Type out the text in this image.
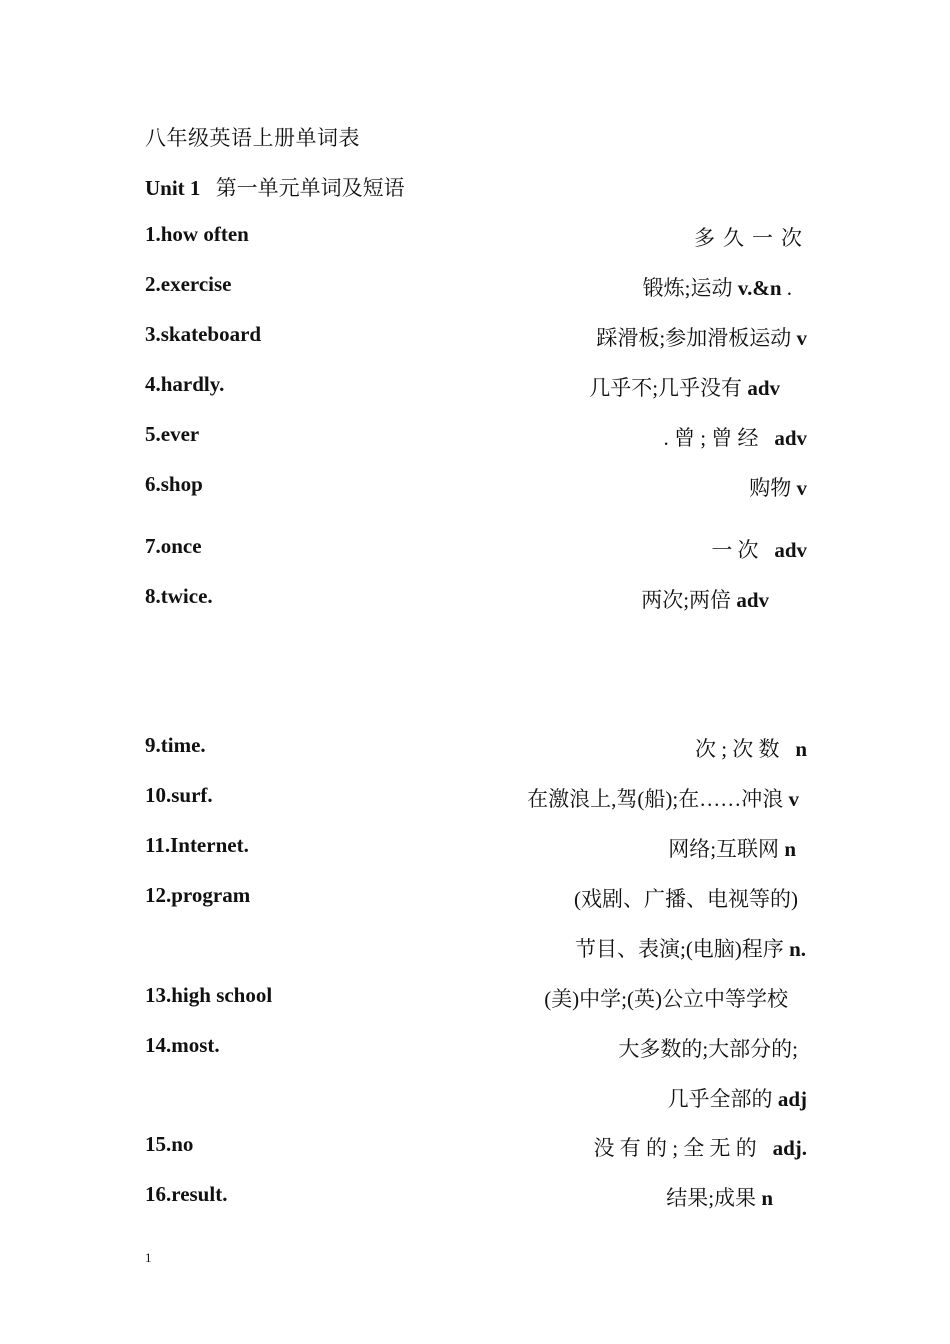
八年级英语上册单词表
Unit 1 第一单元单词及短语
1.how often	多久一次
2.exercise	锻炼;运动 v.&n .
3.skateboard	踩滑板;参加滑板运动 v
4.hardly.	几乎不;几乎没有 adv
5.ever	. 曾 ; 曾 经   adv
6.shop	购物 v
7.once	一 次   adv
8.twice.	两次;两倍 adv
9.time.	次 ; 次 数   n
10.surf.	在激浪上,驾(船);在……冲浪 v
11.Internet.	网络;互联网 n
12.program	(戏剧、广播、电视等的)
节目、表演;(电脑)程序 n.
13.high school	(美)中学;(英)公立中等学校
14.most.	大多数的;大部分的;
几乎全部的 adj
15.no	没 有 的 ; 全 无 的   adj.
16.result.	结果;成果 n
1
